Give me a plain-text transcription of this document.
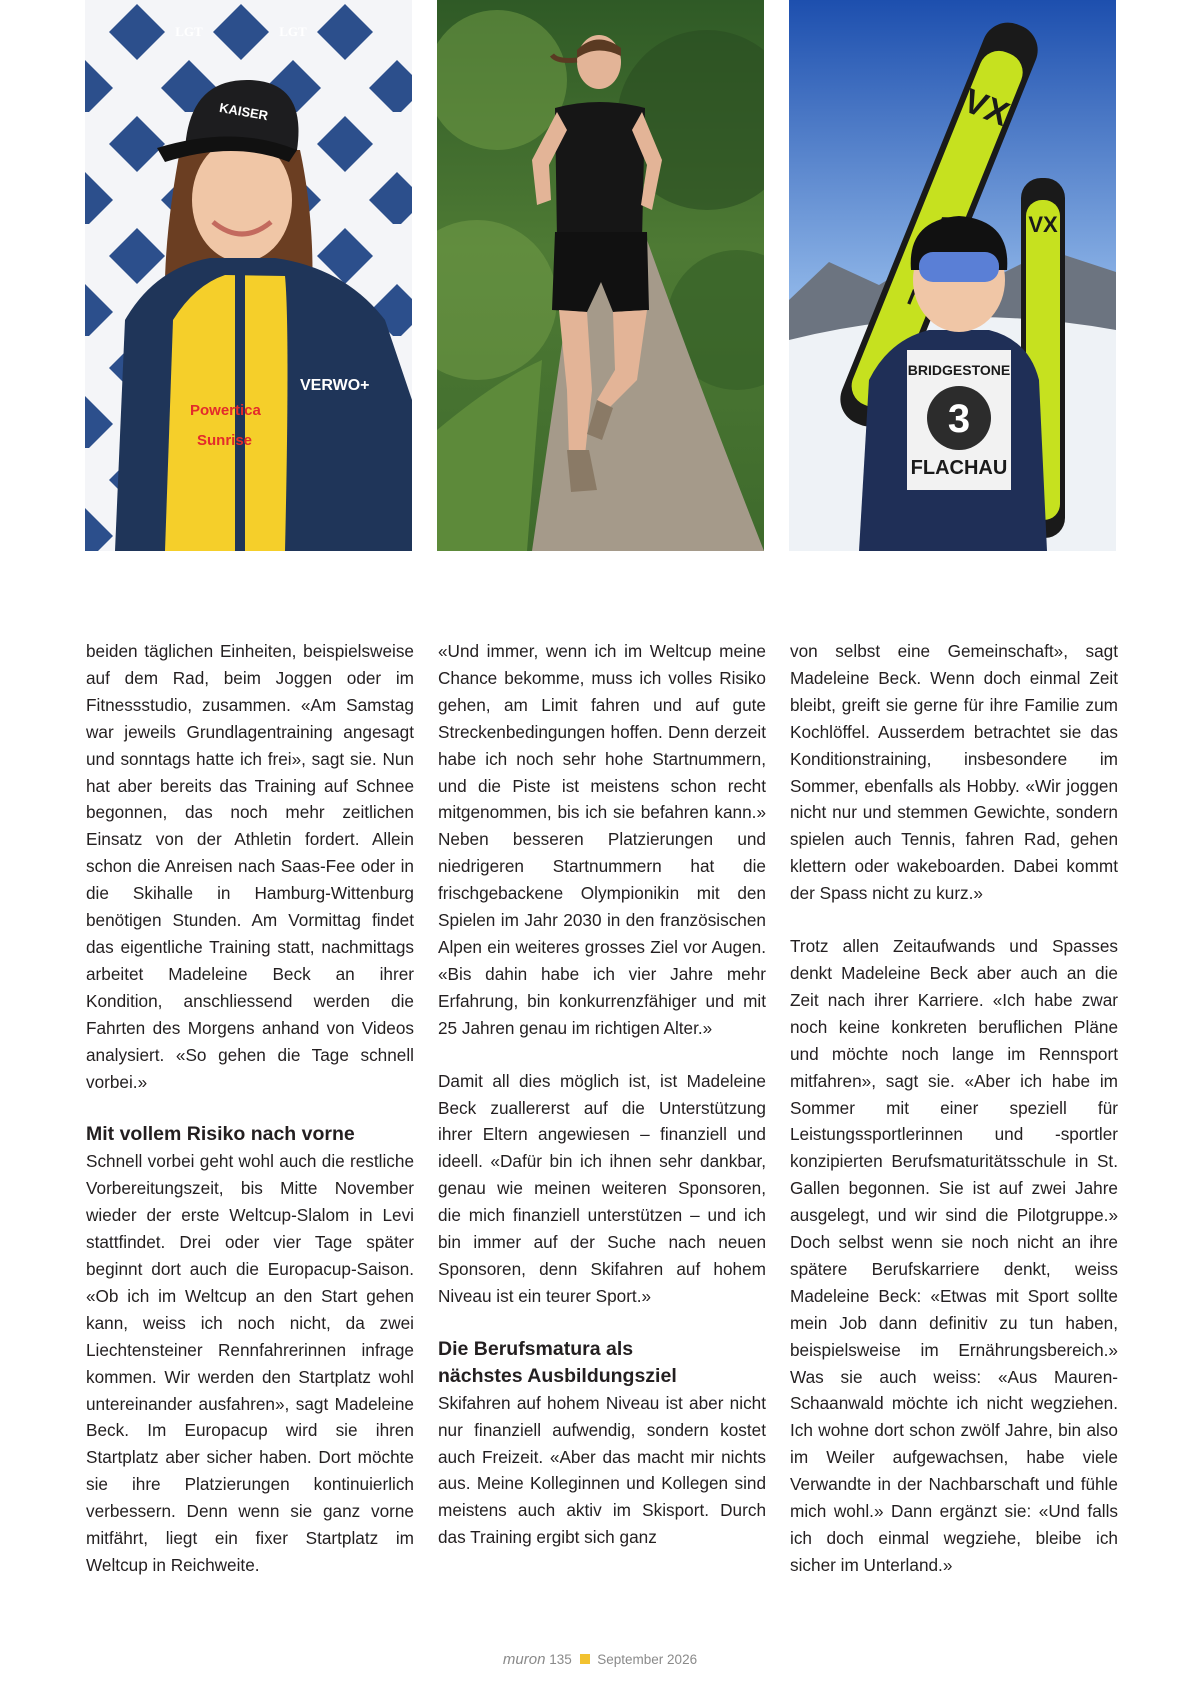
LGT	LGT
KAISER
Powertica
Sunrise
VERWO+
VX
VX
BRIDGESTONE
3
FLACHAU

beiden täglichen Einheiten, beispielsweise auf dem Rad, beim Joggen oder im Fitnessstudio, zusammen. «Am Samstag war jeweils Grundlagentraining angesagt und sonntags hatte ich frei», sagt sie. Nun hat aber bereits das Training auf Schnee begonnen, das noch mehr zeitlichen Einsatz von der Athletin fordert. Allein schon die Anreisen nach Saas-Fee oder in die Skihalle in Hamburg-Wittenburg benötigen Stunden. Am Vormittag findet das eigentliche Training statt, nachmittags arbeitet Madeleine Beck an ihrer Kondition, anschliessend werden die Fahrten des Morgens anhand von Videos analysiert. «So gehen die Tage schnell vorbei.»

Mit vollem Risiko nach vorne

Schnell vorbei geht wohl auch die restliche Vorbereitungszeit, bis Mitte November wieder der erste Weltcup-Slalom in Levi stattfindet. Drei oder vier Tage später beginnt dort auch die Europacup-Saison. «Ob ich im Weltcup an den Start gehen kann, weiss ich noch nicht, da zwei Liechtensteiner Rennfahrerinnen infrage kommen. Wir werden den Startplatz wohl untereinander ausfahren», sagt Madeleine Beck. Im Europacup wird sie ihren Startplatz aber sicher haben. Dort möchte sie ihre Platzierungen kontinuierlich verbessern. Denn wenn sie ganz vorne mitfährt, liegt ein fixer Startplatz im Weltcup in Reichweite.

«Und immer, wenn ich im Weltcup meine Chance bekomme, muss ich volles Risiko gehen, am Limit fahren und auf gute Streckenbedingungen hoffen. Denn derzeit habe ich noch sehr hohe Startnummern, und die Piste ist meistens schon recht mitgenommen, bis ich sie befahren kann.» Neben besseren Platzierungen und niedrigeren Startnummern hat die frischgebackene Olympionikin mit den Spielen im Jahr 2030 in den französischen Alpen ein weiteres grosses Ziel vor Augen. «Bis dahin habe ich vier Jahre mehr Erfahrung, bin konkurrenzfähiger und mit 25 Jahren genau im richtigen Alter.»

Damit all dies möglich ist, ist Madeleine Beck zuallererst auf die Unterstützung ihrer Eltern angewiesen – finanziell und ideell. «Dafür bin ich ihnen sehr dankbar, genau wie meinen weiteren Sponsoren, die mich finanziell unterstützen – und ich bin immer auf der Suche nach neuen Sponsoren, denn Skifahren auf hohem Niveau ist ein teurer Sport.»

Die Berufsmatura als
nächstes Ausbildungsziel

Skifahren auf hohem Niveau ist aber nicht nur finanziell aufwendig, sondern kostet auch Freizeit. «Aber das macht mir nichts aus. Meine Kolleginnen und Kollegen sind meistens auch aktiv im Skisport. Durch das Training ergibt sich ganz

von selbst eine Gemeinschaft», sagt Madeleine Beck. Wenn doch einmal Zeit bleibt, greift sie gerne für ihre Familie zum Kochlöffel. Ausserdem betrachtet sie das Konditionstraining, insbesondere im Sommer, ebenfalls als Hobby. «Wir joggen nicht nur und stemmen Gewichte, sondern spielen auch Tennis, fahren Rad, gehen klettern oder wakeboarden. Dabei kommt der Spass nicht zu kurz.»

Trotz allen Zeitaufwands und Spasses denkt Madeleine Beck aber auch an die Zeit nach ihrer Karriere. «Ich habe zwar noch keine konkreten beruflichen Pläne und möchte noch lange im Rennsport mitfahren», sagt sie. «Aber ich habe im Sommer mit einer speziell für Leistungssportlerinnen und -sportler konzipierten Berufsmaturitätsschule in St. Gallen begonnen. Sie ist auf zwei Jahre ausgelegt, und wir sind die Pilotgruppe.» Doch selbst wenn sie noch nicht an ihre spätere Berufskarriere denkt, weiss Madeleine Beck: «Etwas mit Sport sollte mein Job dann definitiv zu tun haben, beispielsweise im Ernährungsbereich.» Was sie auch weiss: «Aus Mauren-Schaanwald möchte ich nicht wegziehen. Ich wohne dort schon zwölf Jahre, bin also im Weiler aufgewachsen, habe viele Verwandte in der Nachbarschaft und fühle mich wohl.» Dann ergänzt sie: «Und falls ich doch einmal wegziehe, bleibe ich sicher im Unterland.»

muron 135 September 2026
